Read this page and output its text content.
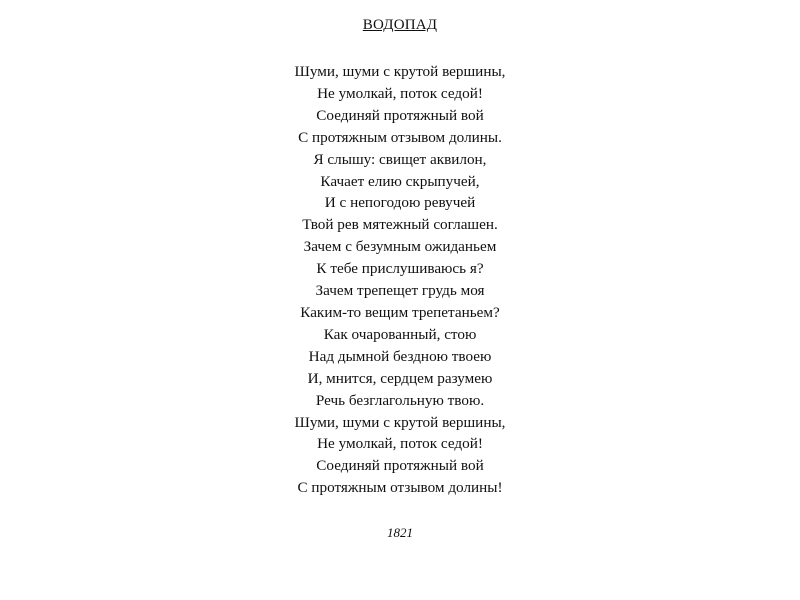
ВОДОПАД
Шуми, шуми с крутой вершины,
Не умолкай, поток седой!
Соединяй протяжный вой
С протяжным отзывом долины.
Я слышу: свищет аквилон,
Качает елию скрыпучей,
И с непогодою ревучей
Твой рев мятежный соглашен.
Зачем с безумным ожиданьем
К тебе прислушиваюсь я?
Зачем трепещет грудь моя
Каким-то вещим трепетаньем?
Как очарованный, стою
Над дымной безднoю твоею
И, мнится, сердцем разумею
Речь безглагольную твою.
Шуми, шуми с крутой вершины,
Не умолкай, поток седой!
Соединяй протяжный вой
С протяжным отзывом долины!
1821
